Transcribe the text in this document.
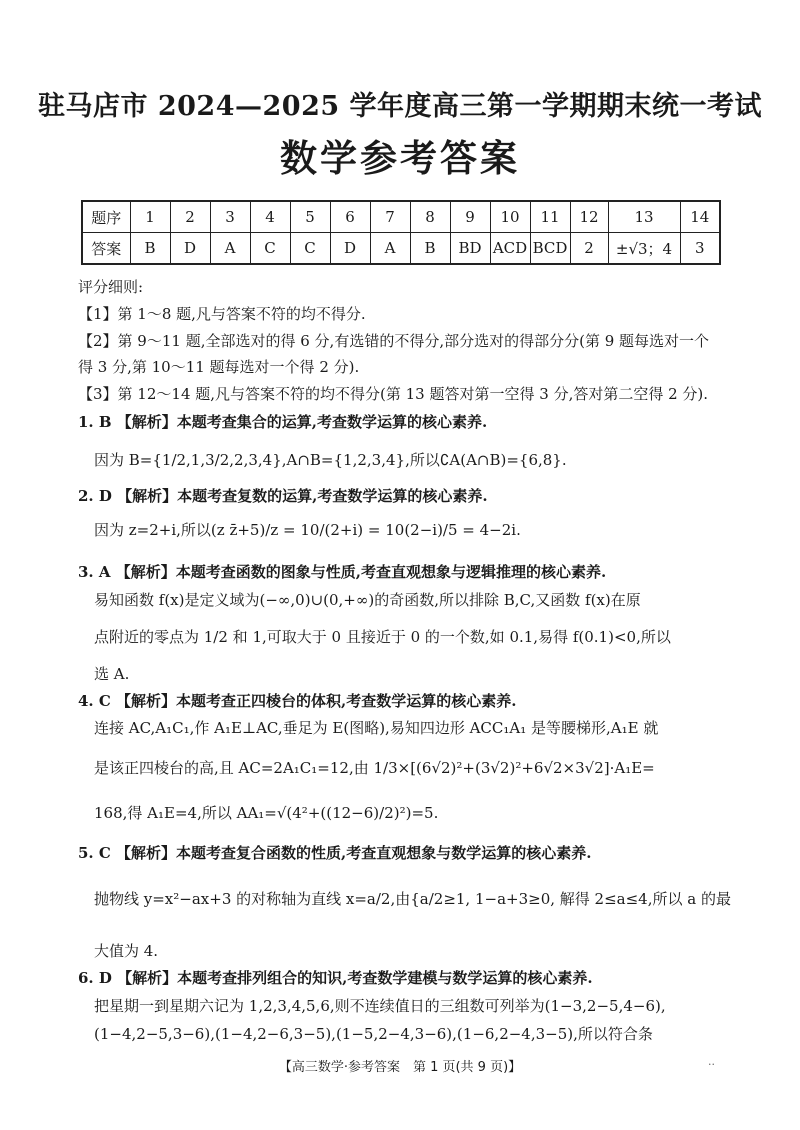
驻马店市 2024—2025 学年度高三第一学期期末统一考试
数学参考答案
题序	1	2	3	4	5	6	7	8	9	10	11	12	13	14
答案	B	D	A	C	C	D	A	B	BD	ACD	BCD	2	±√3；4	3
评分细则:
【1】第 1～8 题,凡与答案不符的均不得分.
【2】第 9～11 题,全部选对的得 6 分,有选错的不得分,部分选对的得部分分(第 9 题每选对一个
得 3 分,第 10～11 题每选对一个得 2 分).
【3】第 12～14 题,凡与答案不符的均不得分(第 13 题答对第一空得 3 分,答对第二空得 2 分).
1. B 【解析】本题考查集合的运算,考查数学运算的核心素养.
因为 B={1/2,1,3/2,2,3,4},A∩B={1,2,3,4},所以∁A(A∩B)={6,8}.
2. D 【解析】本题考查复数的运算,考查数学运算的核心素养.
因为 z=2+i,所以(z z̄+5)/z = 10/(2+i) = 10(2−i)/5 = 4−2i.
3. A 【解析】本题考查函数的图象与性质,考查直观想象与逻辑推理的核心素养.
易知函数 f(x)是定义域为(−∞,0)∪(0,+∞)的奇函数,所以排除 B,C,又函数 f(x)在原
点附近的零点为 1/2 和 1,可取大于 0 且接近于 0 的一个数,如 0.1,易得 f(0.1)<0,所以
选 A.
4. C 【解析】本题考查正四棱台的体积,考查数学运算的核心素养.
连接 AC,A₁C₁,作 A₁E⊥AC,垂足为 E(图略),易知四边形 ACC₁A₁ 是等腰梯形,A₁E 就
是该正四棱台的高,且 AC=2A₁C₁=12,由 1/3×[(6√2)²+(3√2)²+6√2×3√2]·A₁E=
168,得 A₁E=4,所以 AA₁=√(4²+((12−6)/2)²)=5.
5. C 【解析】本题考查复合函数的性质,考查直观想象与数学运算的核心素养.
抛物线 y=x²−ax+3 的对称轴为直线 x=a/2,由{a/2≥1, 1−a+3≥0, 解得 2≤a≤4,所以 a 的最
大值为 4.
6. D 【解析】本题考查排列组合的知识,考查数学建模与数学运算的核心素养.
把星期一到星期六记为 1,2,3,4,5,6,则不连续值日的三组数可列举为(1−3,2−5,4−6),
(1−4,2−5,3−6),(1−4,2−6,3−5),(1−5,2−4,3−6),(1−6,2−4,3−5),所以符合条
【高三数学·参考答案　第 1 页(共 9 页)】	··
